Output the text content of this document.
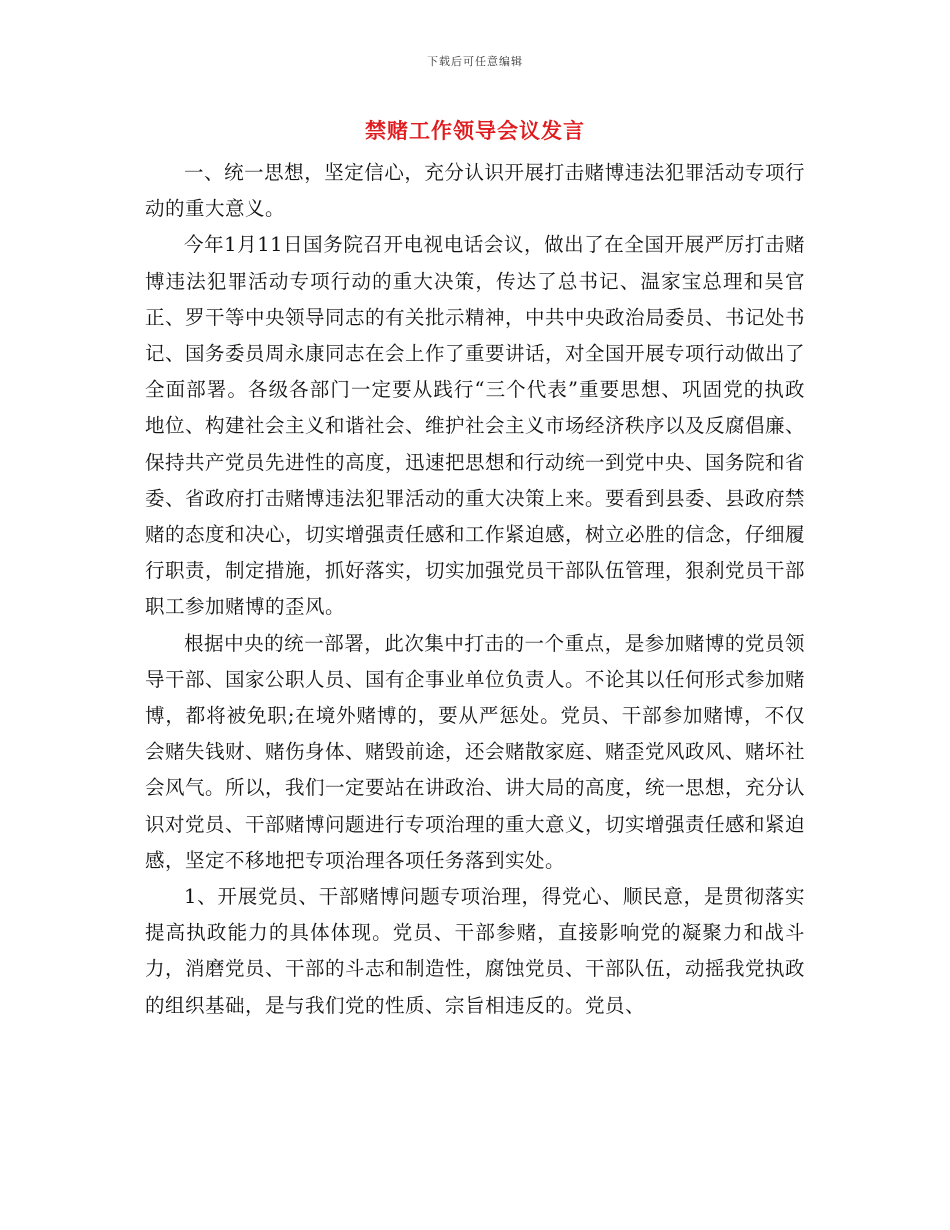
下载后可任意编辑
禁赌工作领导会议发言

一、统一思想，坚定信心，充分认识开展打击赌博违法犯罪活动专项行动的重大意义。

今年1月11日国务院召开电视电话会议，做出了在全国开展严厉打击赌博违法犯罪活动专项行动的重大决策，传达了总书记、温家宝总理和吴官正、罗干等中央领导同志的有关批示精神，中共中央政治局委员、书记处书记、国务委员周永康同志在会上作了重要讲话，对全国开展专项行动做出了全面部署。各级各部门一定要从践行“三个代表”重要思想、巩固党的执政地位、构建社会主义和谐社会、维护社会主义市场经济秩序以及反腐倡廉、保持共产党员先进性的高度，迅速把思想和行动统一到党中央、国务院和省委、省政府打击赌博违法犯罪活动的重大决策上来。要看到县委、县政府禁赌的态度和决心，切实增强责任感和工作紧迫感，树立必胜的信念，仔细履行职责，制定措施，抓好落实，切实加强党员干部队伍管理，狠刹党员干部职工参加赌博的歪风。

根据中央的统一部署，此次集中打击的一个重点，是参加赌博的党员领导干部、国家公职人员、国有企事业单位负责人。不论其以任何形式参加赌博，都将被免职;在境外赌博的，要从严惩处。党员、干部参加赌博，不仅会赌失钱财、赌伤身体、赌毁前途，还会赌散家庭、赌歪党风政风、赌坏社会风气。所以，我们一定要站在讲政治、讲大局的高度，统一思想，充分认识对党员、干部赌博问题进行专项治理的重大意义，切实增强责任感和紧迫感，坚定不移地把专项治理各项任务落到实处。

1、开展党员、干部赌博问题专项治理，得党心、顺民意，是贯彻落实提高执政能力的具体体现。党员、干部参赌，直接影响党的凝聚力和战斗力，消磨党员、干部的斗志和制造性，腐蚀党员、干部队伍，动摇我党执政的组织基础，是与我们党的性质、宗旨相违反的。党员、
